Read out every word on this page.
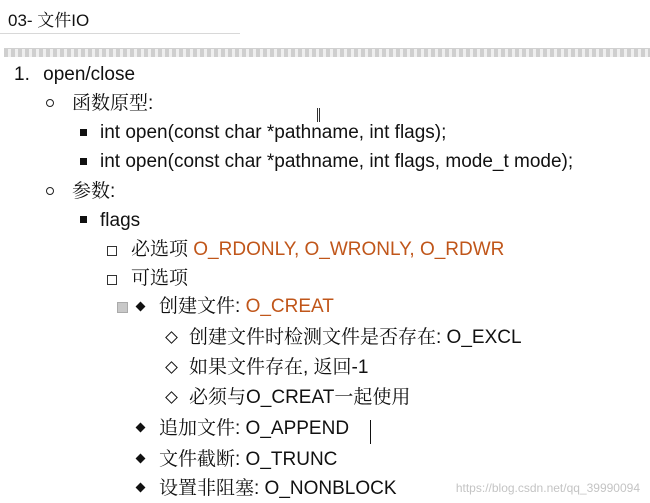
03- 文件IO
1. open/close
函数原型:
int open(const char *pathname, int flags);
int open(const char *pathname, int flags, mode_t mode);
参数:
flags
必选项 O_RDONLY, O_WRONLY, O_RDWR
可选项
创建文件: O_CREAT
创建文件时检测文件是否存在: O_EXCL
如果文件存在, 返回-1
必须与O_CREAT一起使用
追加文件: O_APPEND
文件截断: O_TRUNC
设置非阻塞: O_NONBLOCK	https://blog.csdn.net/qq_39990094
